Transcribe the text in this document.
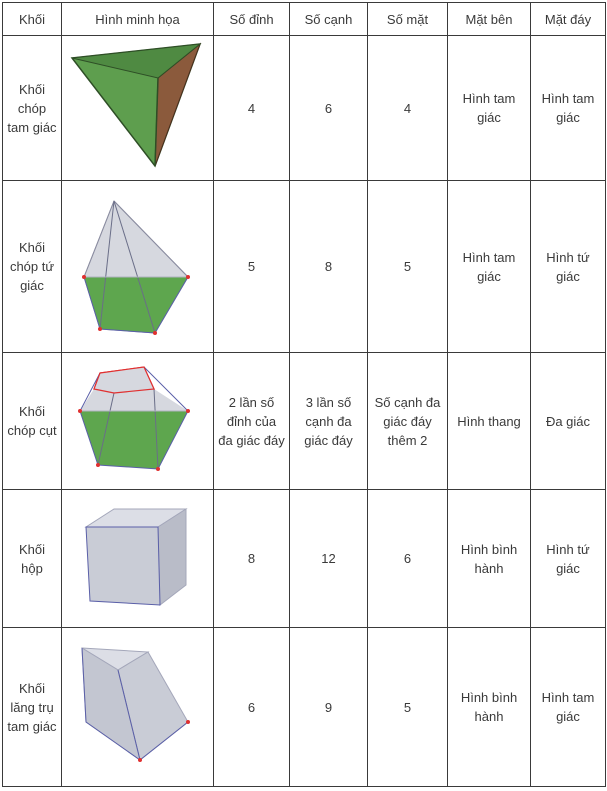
Khối	Hình minh họa	Số đỉnh	Số cạnh	Số mặt	Mặt bên	Mặt đáy

Khối chóp tam giác		4	6	4	Hình tam giác	Hình tam giác

Khối chóp tứ giác		5	8	5	Hình tam giác	Hình tứ giác

Khối chóp cụt		2 lần số đỉnh của đa giác đáy	3 lần số cạnh đa giác đáy	Số cạnh đa giác đáy thêm 2	Hình thang	Đa giác

Khối hộp		8	12	6	Hình bình hành	Hình tứ giác

Khối lăng trụ tam giác		6	9	5	Hình bình hành	Hình tam giác
